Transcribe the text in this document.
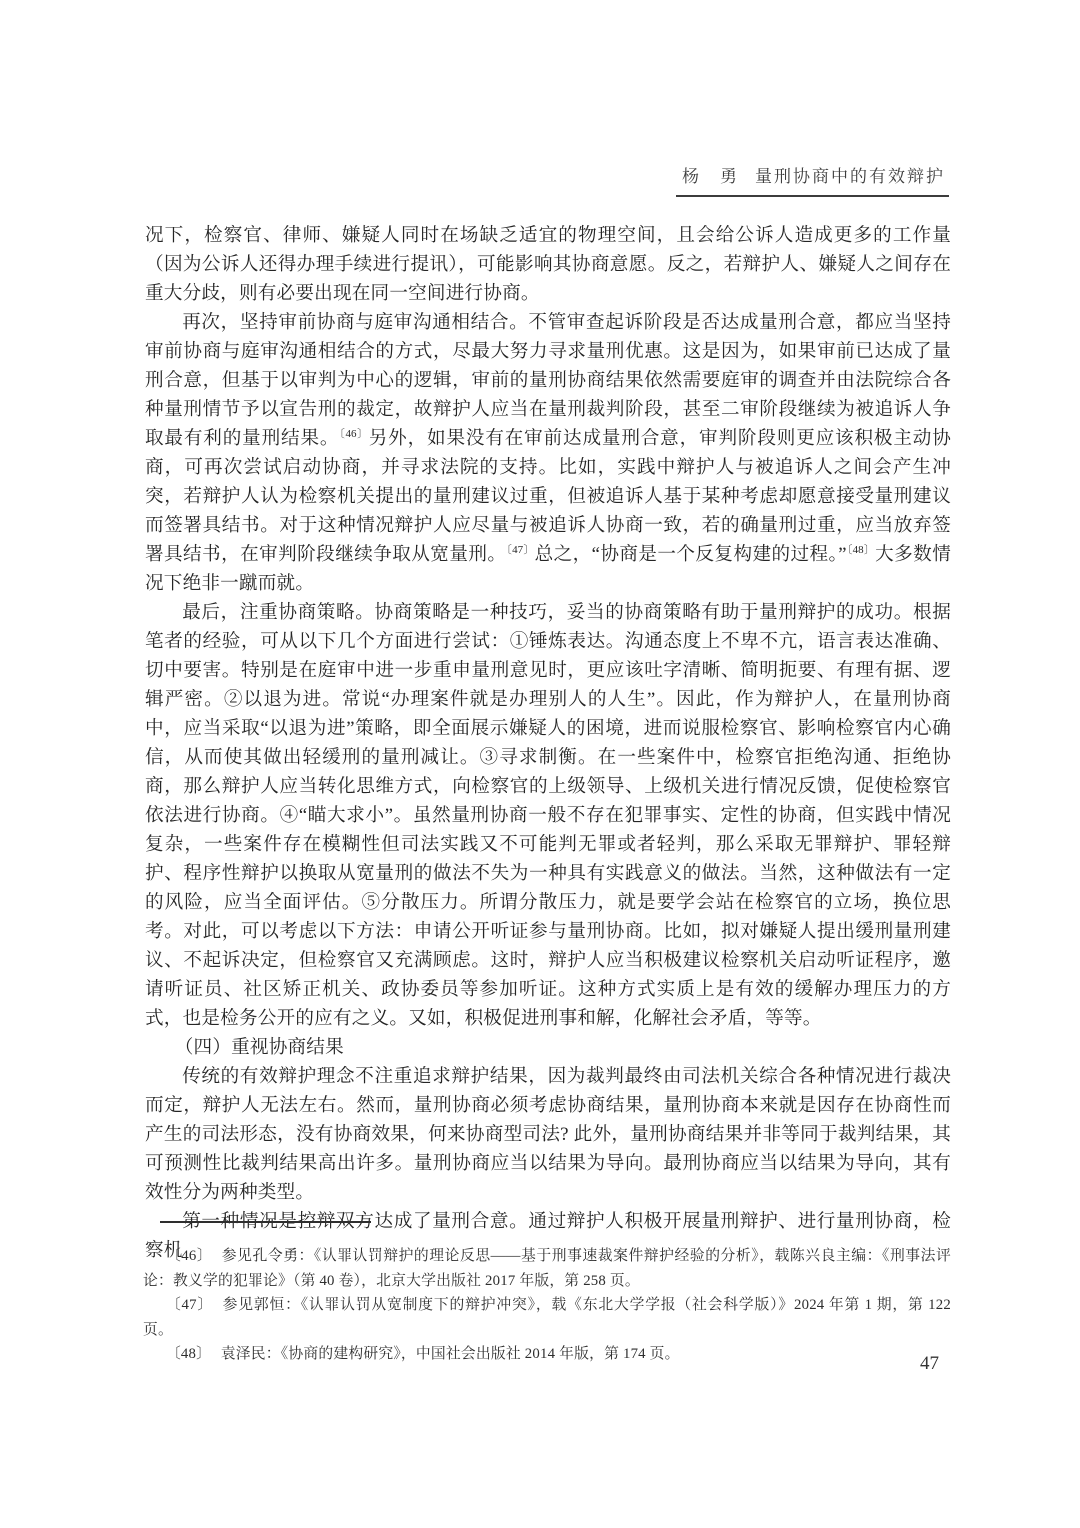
杨　勇 量刑协商中的有效辩护

况下，检察官、律师、嫌疑人同时在场缺乏适宜的物理空间，且会给公诉人造成更多的工作量（因为公诉人还得办理手续进行提讯），可能影响其协商意愿。反之，若辩护人、嫌疑人之间存在重大分歧，则有必要出现在同一空间进行协商。

再次，坚持审前协商与庭审沟通相结合。不管审查起诉阶段是否达成量刑合意，都应当坚持审前协商与庭审沟通相结合的方式，尽最大努力寻求量刑优惠。这是因为，如果审前已达成了量刑合意，但基于以审判为中心的逻辑，审前的量刑协商结果依然需要庭审的调查并由法院综合各种量刑情节予以宣告刑的裁定，故辩护人应当在量刑裁判阶段，甚至二审阶段继续为被追诉人争取最有利的量刑结果。$^{〔46〕}$另外，如果没有在审前达成量刑合意，审判阶段则更应该积极主动协商，可再次尝试启动协商，并寻求法院的支持。比如，实践中辩护人与被追诉人之间会产生冲突，若辩护人认为检察机关提出的量刑建议过重，但被追诉人基于某种考虑却愿意接受量刑建议而签署具结书。对于这种情况辩护人应尽量与被追诉人协商一致，若的确量刑过重，应当放弃签署具结书，在审判阶段继续争取从宽量刑。$^{〔47〕}$总之，“协商是一个反复构建的过程。”$^{〔48〕}$大多数情况下绝非一蹴而就。

最后，注重协商策略。协商策略是一种技巧，妥当的协商策略有助于量刑辩护的成功。根据笔者的经验，可从以下几个方面进行尝试：①锤炼表达。沟通态度上不卑不亢，语言表达准确、切中要害。特别是在庭审中进一步重申量刑意见时，更应该吐字清晰、简明扼要、有理有据、逻辑严密。②以退为进。常说“办理案件就是办理别人的人生”。因此，作为辩护人，在量刑协商中，应当采取“以退为进”策略，即全面展示嫌疑人的困境，进而说服检察官、影响检察官内心确信，从而使其做出轻缓刑的量刑减让。③寻求制衡。在一些案件中，检察官拒绝沟通、拒绝协商，那么辩护人应当转化思维方式，向检察官的上级领导、上级机关进行情况反馈，促使检察官依法进行协商。④“瞄大求小”。虽然量刑协商一般不存在犯罪事实、定性的协商，但实践中情况复杂，一些案件存在模糊性但司法实践又不可能判无罪或者轻判，那么采取无罪辩护、罪轻辩护、程序性辩护以换取从宽量刑的做法不失为一种具有实践意义的做法。当然，这种做法有一定的风险，应当全面评估。⑤分散压力。所谓分散压力，就是要学会站在检察官的立场，换位思考。对此，可以考虑以下方法：申请公开听证参与量刑协商。比如，拟对嫌疑人提出缓刑量刑建议、不起诉决定，但检察官又充满顾虑。这时，辩护人应当积极建议检察机关启动听证程序，邀请听证员、社区矫正机关、政协委员等参加听证。这种方式实质上是有效的缓解办理压力的方式，也是检务公开的应有之义。又如，积极促进刑事和解，化解社会矛盾，等等。

（四）重视协商结果

传统的有效辩护理念不注重追求辩护结果，因为裁判最终由司法机关综合各种情况进行裁决而定，辩护人无法左右。然而，量刑协商必须考虑协商结果，量刑协商本来就是因存在协商性而产生的司法形态，没有协商效果，何来协商型司法? 此外，量刑协商结果并非等同于裁判结果，其可预测性比裁判结果高出许多。量刑协商应当以结果为导向。最刑协商应当以结果为导向，其有效性分为两种类型。

第一种情况是控辩双方达成了量刑合意。通过辩护人积极开展量刑辩护、进行量刑协商，检察机

〔46〕 参见孔令勇：《认罪认罚辩护的理论反思——基于刑事速裁案件辩护经验的分析》，载陈兴良主编：《刑事法评论：教义学的犯罪论》（第 40 卷），北京大学出版社 2017 年版，第 258 页。

〔47〕 参见郭恒：《认罪认罚从宽制度下的辩护冲突》，载《东北大学学报（社会科学版）》2024 年第 1 期，第 122 页。

〔48〕 袁泽民：《协商的建构研究》，中国社会出版社 2014 年版，第 174 页。	47
